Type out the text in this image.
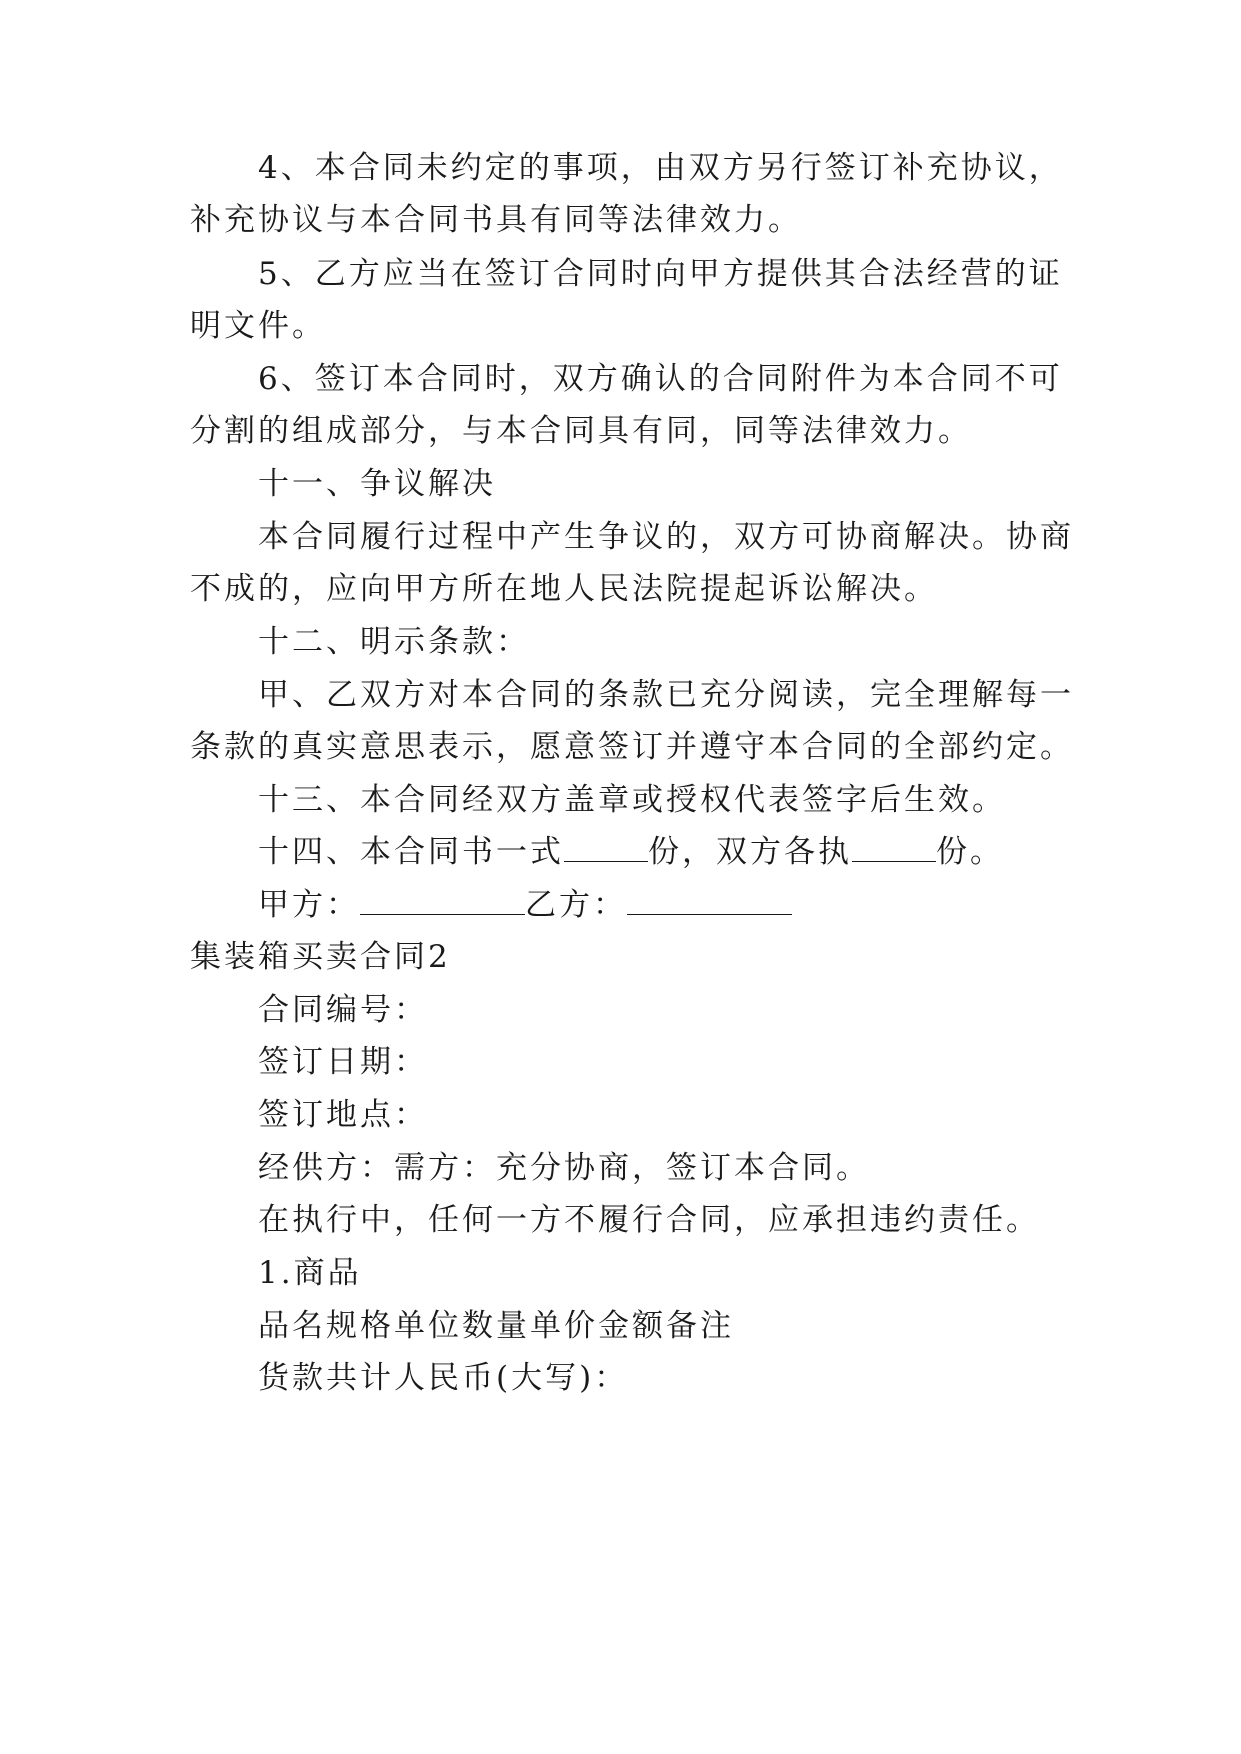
4、本合同未约定的事项，由双方另行签订补充协议，
补充协议与本合同书具有同等法律效力。
5、乙方应当在签订合同时向甲方提供其合法经营的证
明文件。
6、签订本合同时，双方确认的合同附件为本合同不可
分割的组成部分，与本合同具有同，同等法律效力。
十一、争议解决
本合同履行过程中产生争议的，双方可协商解决。协商
不成的，应向甲方所在地人民法院提起诉讼解决。
十二、明示条款：
甲、乙双方对本合同的条款已充分阅读，完全理解每一
条款的真实意思表示，愿意签订并遵守本合同的全部约定。
十三、本合同经双方盖章或授权代表签字后生效。
十四、本合同书一式	份，双方各执	份。
甲方：	乙方：
集装箱买卖合同2
合同编号：
签订日期：
签订地点：
经供方：需方：充分协商，签订本合同。
在执行中，任何一方不履行合同，应承担违约责任。
1.商品
品名规格单位数量单价金额备注
货款共计人民币(大写)：
